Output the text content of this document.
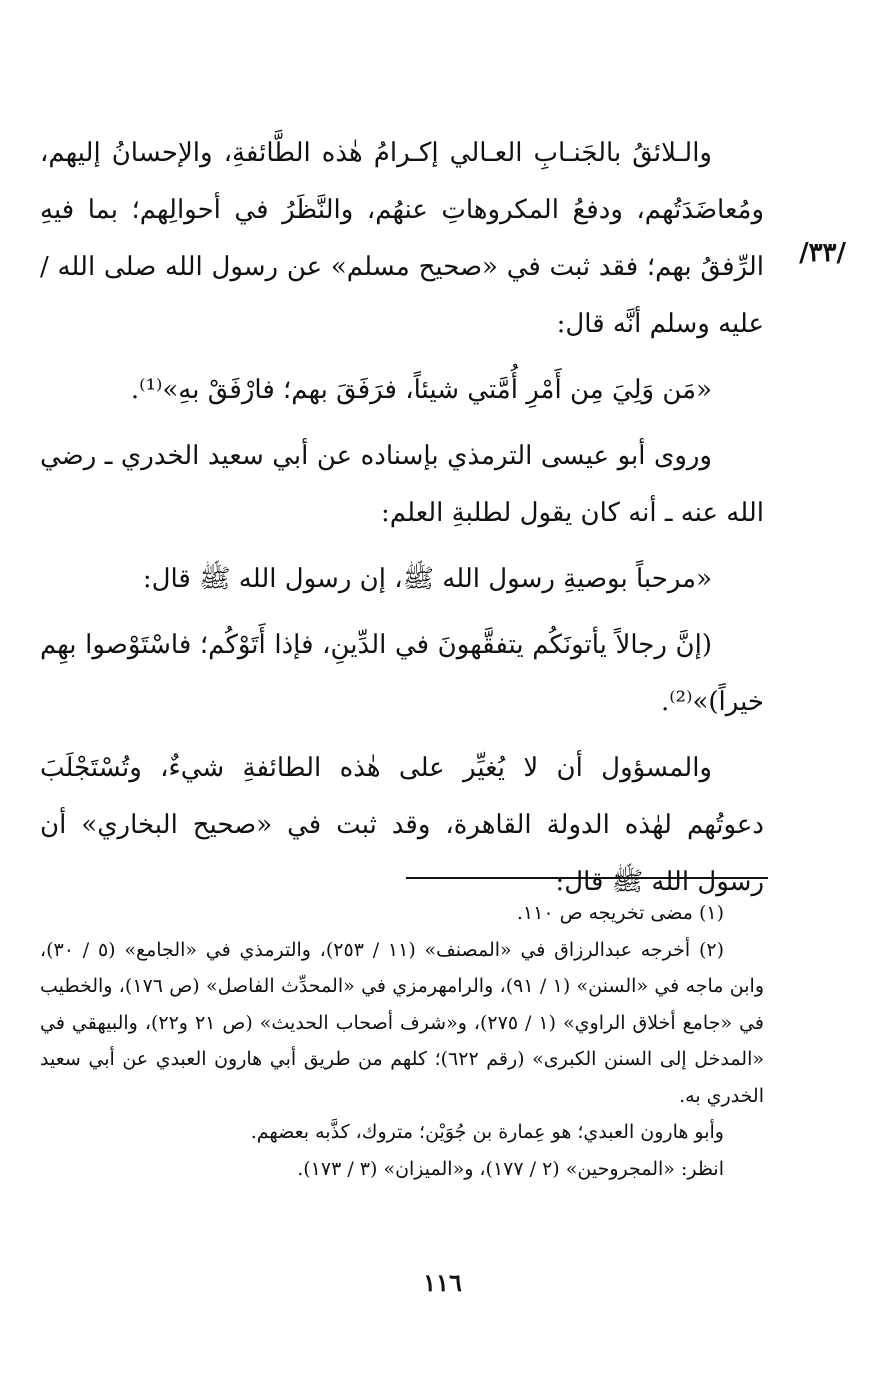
/٣٣/

والـلائقُ بالجَنـابِ العـالي إكـرامُ هٰذه الطَّائفةِ، والإحسانُ إليهم، ومُعاضَدَتُهم، ودفعُ المكروهاتِ عنهُم، والنَّظَرُ في أحوالِهم؛ بما فيهِ الرِّفقُ بهم؛ فقد ثبت في «صحيح مسلم» عن رسول الله صلى الله / عليه وسلم أنَّه قال:

«مَن وَلِيَ مِن أَمْرِ أُمَّتي شيئاً، فرَفَقَ بهم؛ فارْفَقْ بهِ»⁽¹⁾.

وروى أبو عيسى الترمذي بإسناده عن أبي سعيد الخدري ـ رضي الله عنه ـ أنه كان يقول لطلبةِ العلم:

«مرحباً بوصيةِ رسول الله ﷺ، إن رسول الله ﷺ قال:

(إنَّ رجالاً يأتونَكُم يتفقَّهونَ في الدِّينِ، فإذا أَتَوْكُم؛ فاسْتَوْصوا بهِم خيراً)»⁽²⁾.

والمسؤول أن لا يُغيِّر على هٰذه الطائفةِ شيءٌ، وتُسْتَجْلَبَ دعوتُهم لهٰذه الدولة القاهرة، وقد ثبت في «صحيح البخاري» أن رسول الله ﷺ قال:

(١) مضى تخريجه ص ١١٠.

(٢) أخرجه عبدالرزاق في «المصنف» (١١ / ٢٥٣)، والترمذي في «الجامع» (٥ / ٣٠)، وابن ماجه في «السنن» (١ / ٩١)، والرامهرمزي في «المحدِّث الفاصل» (ص ١٧٦)، والخطيب في «جامع أخلاق الراوي» (١ / ٢٧٥)، و«شرف أصحاب الحديث» (ص ٢١ و٢٢)، والبيهقي في «المدخل إلى السنن الكبرى» (رقم ٦٢٢)؛ كلهم من طريق أبي هارون العبدي عن أبي سعيد الخدري به.

وأبو هارون العبدي؛ هو عِمارة بن جُوَيْن؛ متروك، كذَّبه بعضهم.

انظر: «المجروحين» (٢ / ١٧٧)، و«الميزان» (٣ / ١٧٣).

١١٦
